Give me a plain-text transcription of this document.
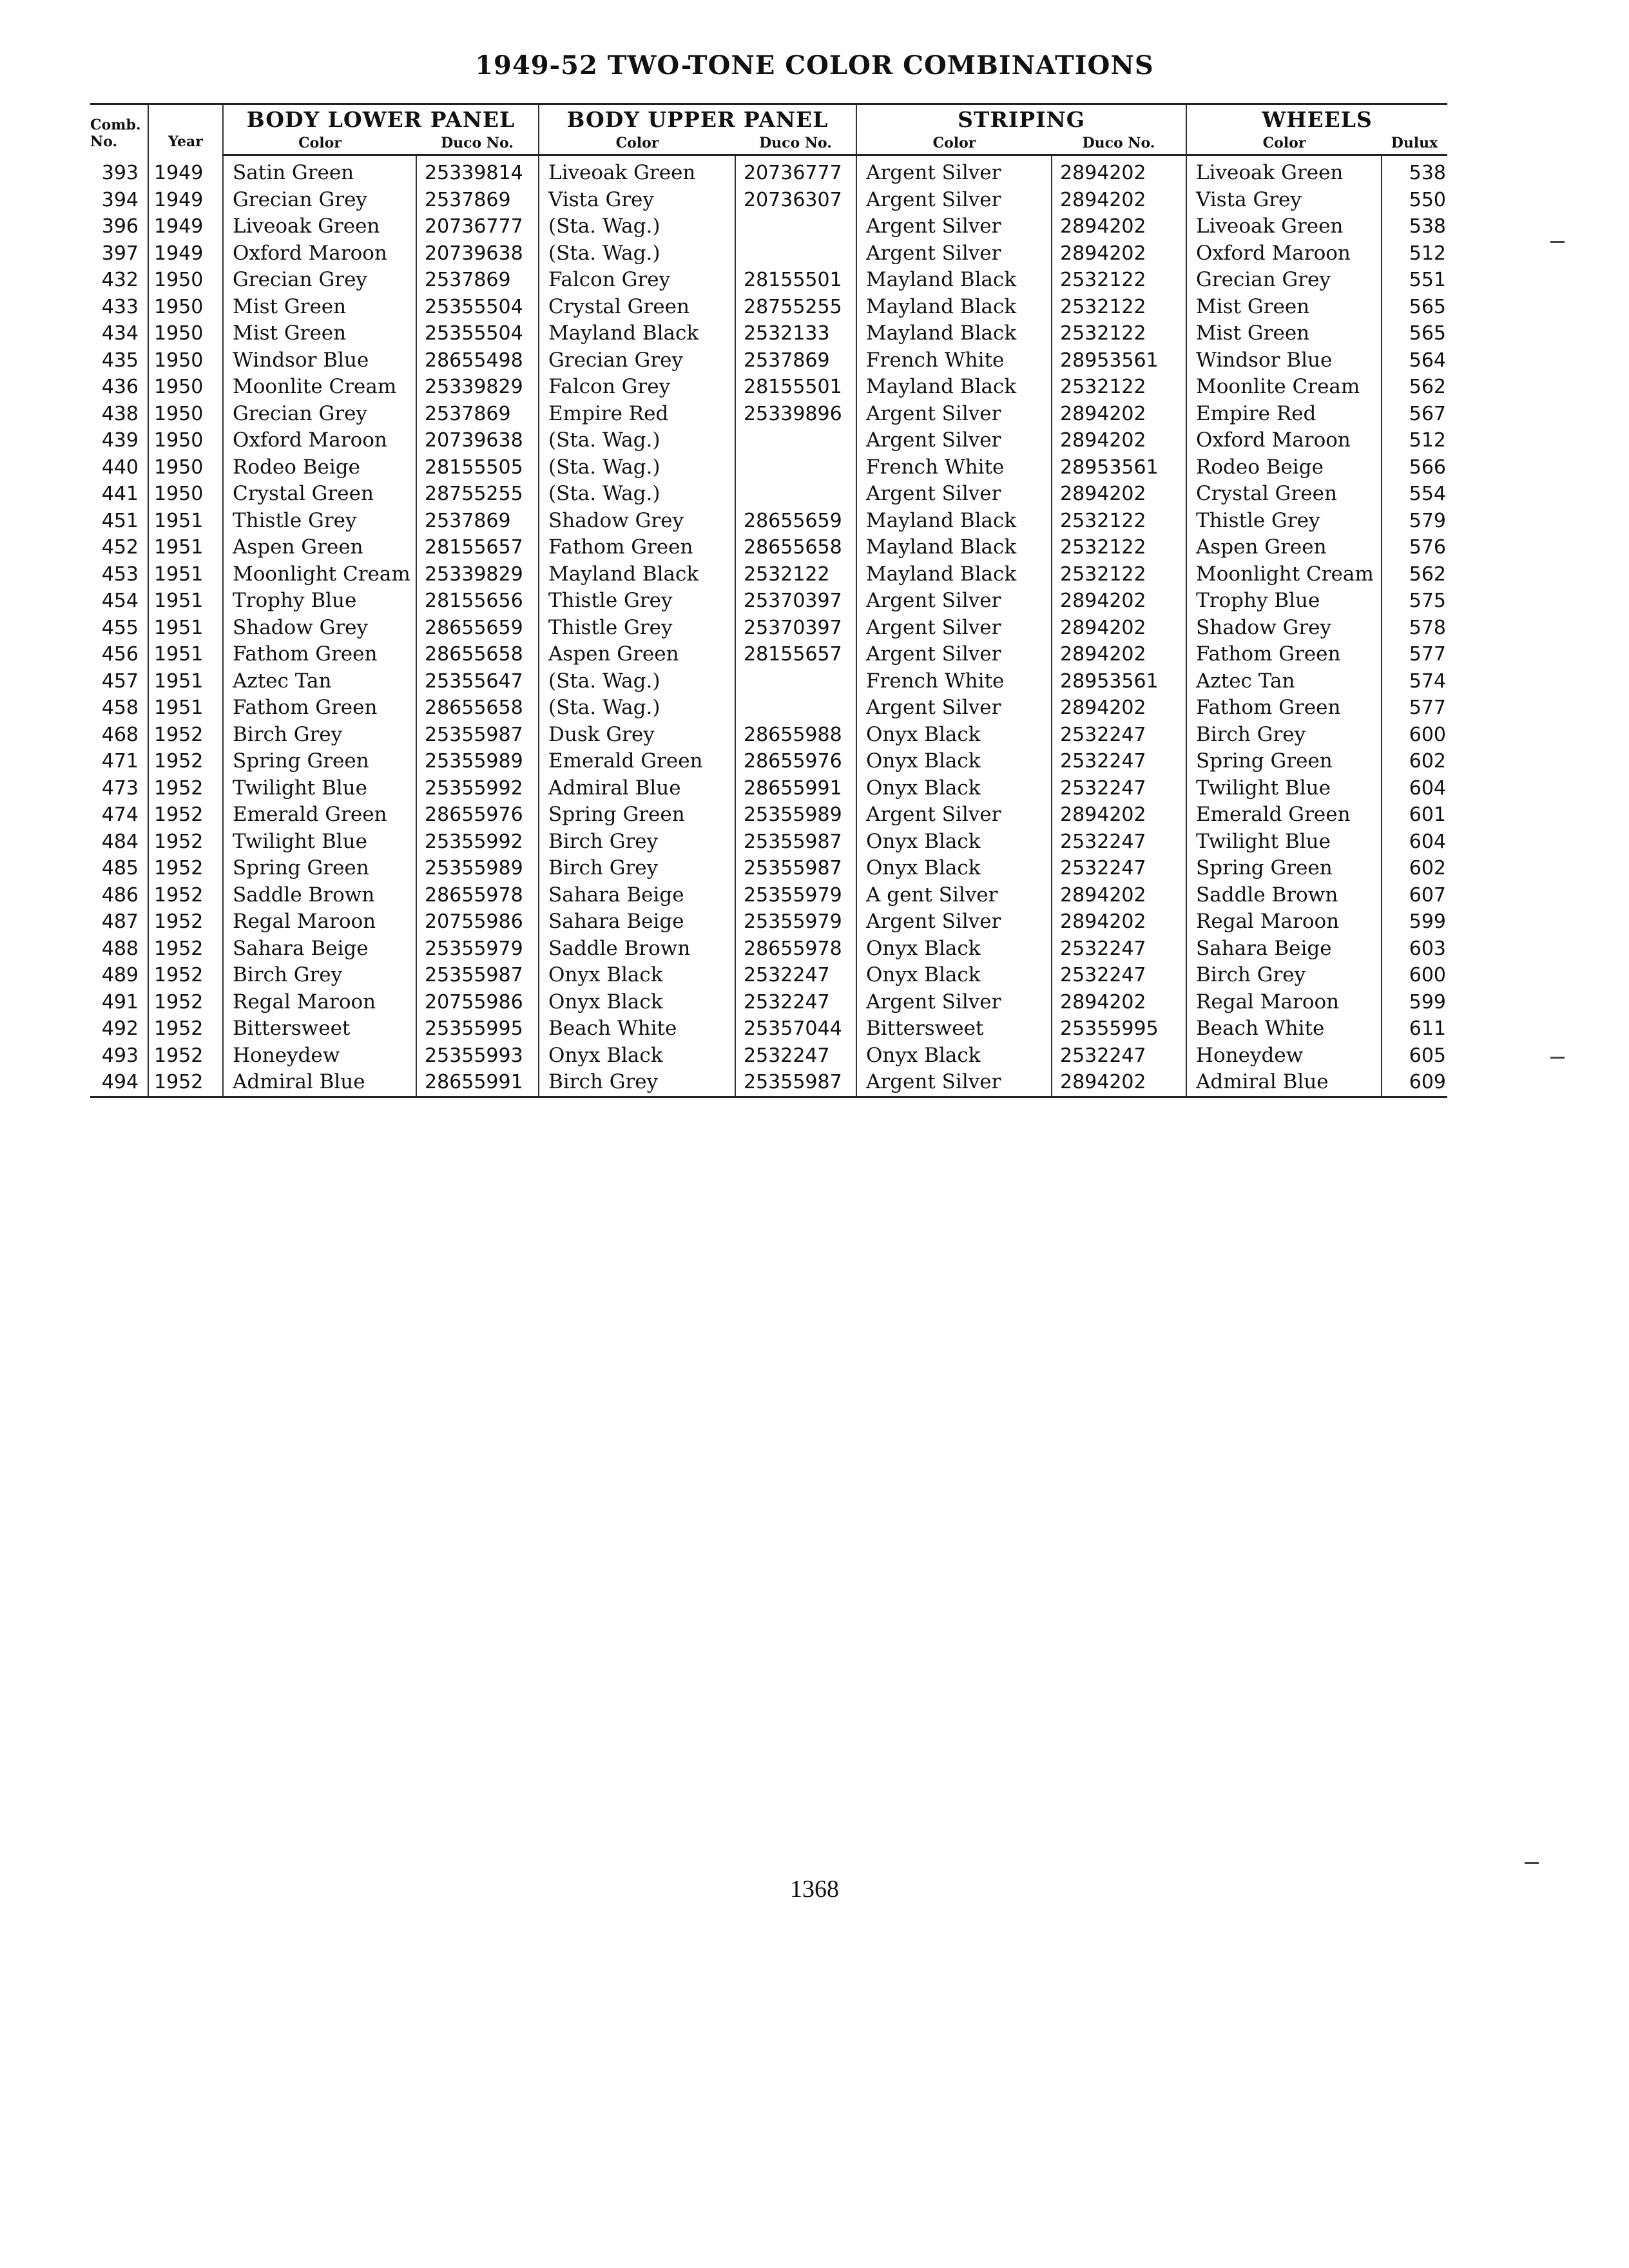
1949-52 TWO-TONE COLOR COMBINATIONS
Comb.
No.	Year	BODY LOWER PANEL		BODY UPPER PANEL		STRIPING		WHEELS	
		Color	Duco No.	Color	Duco No.	Color	Duco No.	Color	Dulux
393	1949	Satin Green	25339814	Liveoak Green	20736777	Argent Silver	2894202	Liveoak Green	538
394	1949	Grecian Grey	2537869	Vista Grey	20736307	Argent Silver	2894202	Vista Grey	550
396	1949	Liveoak Green	20736777	(Sta. Wag.)		Argent Silver	2894202	Liveoak Green	538
397	1949	Oxford Maroon	20739638	(Sta. Wag.)		Argent Silver	2894202	Oxford Maroon	512
432	1950	Grecian Grey	2537869	Falcon Grey	28155501	Mayland Black	2532122	Grecian Grey	551
433	1950	Mist Green	25355504	Crystal Green	28755255	Mayland Black	2532122	Mist Green	565
434	1950	Mist Green	25355504	Mayland Black	2532133	Mayland Black	2532122	Mist Green	565
435	1950	Windsor Blue	28655498	Grecian Grey	2537869	French White	28953561	Windsor Blue	564
436	1950	Moonlite Cream	25339829	Falcon Grey	28155501	Mayland Black	2532122	Moonlite Cream	562
438	1950	Grecian Grey	2537869	Empire Red	25339896	Argent Silver	2894202	Empire Red	567
439	1950	Oxford Maroon	20739638	(Sta. Wag.)		Argent Silver	2894202	Oxford Maroon	512
440	1950	Rodeo Beige	28155505	(Sta. Wag.)		French White	28953561	Rodeo Beige	566
441	1950	Crystal Green	28755255	(Sta. Wag.)		Argent Silver	2894202	Crystal Green	554
451	1951	Thistle Grey	2537869	Shadow Grey	28655659	Mayland Black	2532122	Thistle Grey	579
452	1951	Aspen Green	28155657	Fathom Green	28655658	Mayland Black	2532122	Aspen Green	576
453	1951	Moonlight Cream	25339829	Mayland Black	2532122	Mayland Black	2532122	Moonlight Cream	562
454	1951	Trophy Blue	28155656	Thistle Grey	25370397	Argent Silver	2894202	Trophy Blue	575
455	1951	Shadow Grey	28655659	Thistle Grey	25370397	Argent Silver	2894202	Shadow Grey	578
456	1951	Fathom Green	28655658	Aspen Green	28155657	Argent Silver	2894202	Fathom Green	577
457	1951	Aztec Tan	25355647	(Sta. Wag.)		French White	28953561	Aztec Tan	574
458	1951	Fathom Green	28655658	(Sta. Wag.)		Argent Silver	2894202	Fathom Green	577
468	1952	Birch Grey	25355987	Dusk Grey	28655988	Onyx Black	2532247	Birch Grey	600
471	1952	Spring Green	25355989	Emerald Green	28655976	Onyx Black	2532247	Spring Green	602
473	1952	Twilight Blue	25355992	Admiral Blue	28655991	Onyx Black	2532247	Twilight Blue	604
474	1952	Emerald Green	28655976	Spring Green	25355989	Argent Silver	2894202	Emerald Green	601
484	1952	Twilight Blue	25355992	Birch Grey	25355987	Onyx Black	2532247	Twilight Blue	604
485	1952	Spring Green	25355989	Birch Grey	25355987	Onyx Black	2532247	Spring Green	602
486	1952	Saddle Brown	28655978	Sahara Beige	25355979	A gent Silver	2894202	Saddle Brown	607
487	1952	Regal Maroon	20755986	Sahara Beige	25355979	Argent Silver	2894202	Regal Maroon	599
488	1952	Sahara Beige	25355979	Saddle Brown	28655978	Onyx Black	2532247	Sahara Beige	603
489	1952	Birch Grey	25355987	Onyx Black	2532247	Onyx Black	2532247	Birch Grey	600
491	1952	Regal Maroon	20755986	Onyx Black	2532247	Argent Silver	2894202	Regal Maroon	599
492	1952	Bittersweet	25355995	Beach White	25357044	Bittersweet	25355995	Beach White	611
493	1952	Honeydew	25355993	Onyx Black	2532247	Onyx Black	2532247	Honeydew	605
494	1952	Admiral Blue	28655991	Birch Grey	25355987	Argent Silver	2894202	Admiral Blue	609
1368
